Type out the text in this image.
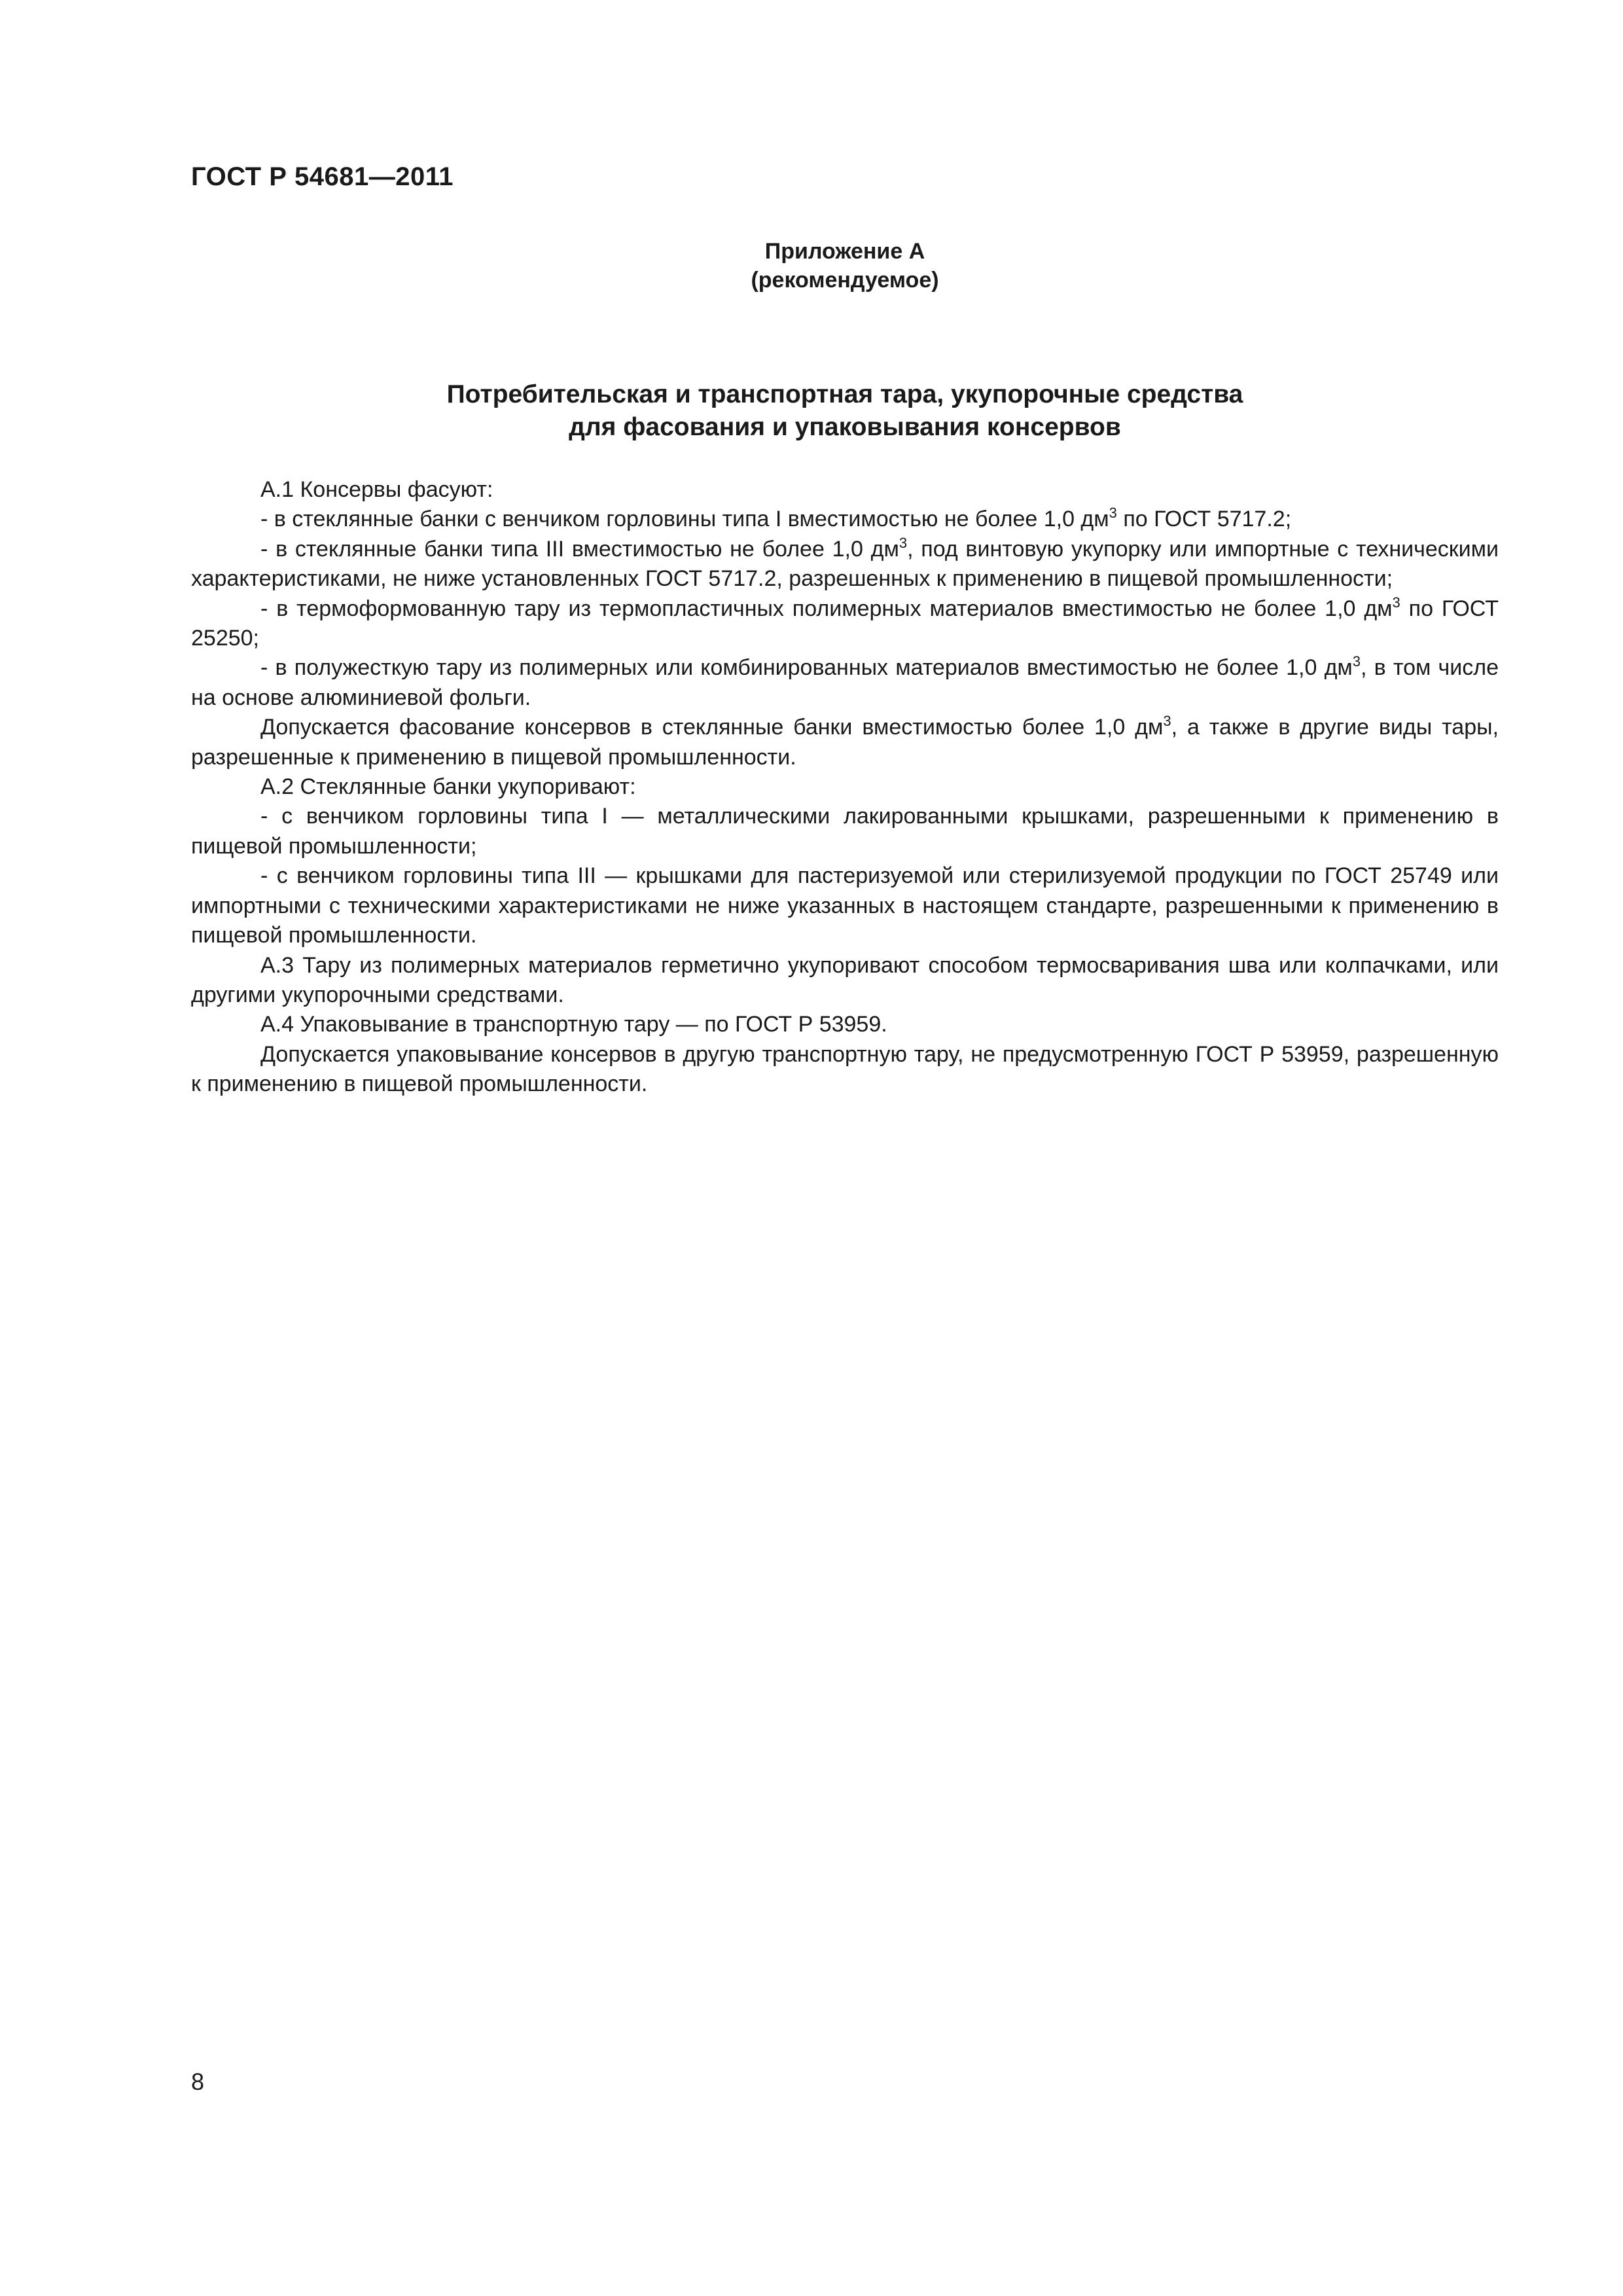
ГОСТ Р 54681—2011
Приложение А
(рекомендуемое)
Потребительская и транспортная тара, укупорочные средства
для фасования и упаковывания консервов

А.1 Консервы фасуют:

- в стеклянные банки с венчиком горловины типа I вместимостью не более 1,0 $дм^3$ по ГОСТ 5717.2;

- в стеклянные банки типа III вместимостью не более 1,0 $дм^3$, под винтовую укупорку или импортные с техническими характеристиками, не ниже установленных ГОСТ 5717.2, разрешенных к применению в пищевой промышленности;

- в термоформованную тару из термопластичных полимерных материалов вместимостью не более 1,0 $дм^3$ по ГОСТ 25250;

- в полужесткую тару из полимерных или комбинированных материалов вместимостью не более 1,0 $дм^3$, в том числе на основе алюминиевой фольги.

Допускается фасование консервов в стеклянные банки вместимостью более 1,0 $дм^3$, а также в другие виды тары, разрешенные к применению в пищевой промышленности.

А.2 Стеклянные банки укупоривают:

- с венчиком горловины типа I — металлическими лакированными крышками, разрешенными к применению в пищевой промышленности;

- с венчиком горловины типа III — крышками для пастеризуемой или стерилизуемой продукции по ГОСТ 25749 или импортными с техническими характеристиками не ниже указанных в настоящем стандарте, разрешенными к применению в пищевой промышленности.

А.3 Тару из полимерных материалов герметично укупоривают способом термосваривания шва или колпачками, или другими укупорочными средствами.

А.4 Упаковывание в транспортную тару — по ГОСТ Р 53959.

Допускается упаковывание консервов в другую транспортную тару, не предусмотренную ГОСТ Р 53959, разрешенную к применению в пищевой промышленности.

8
